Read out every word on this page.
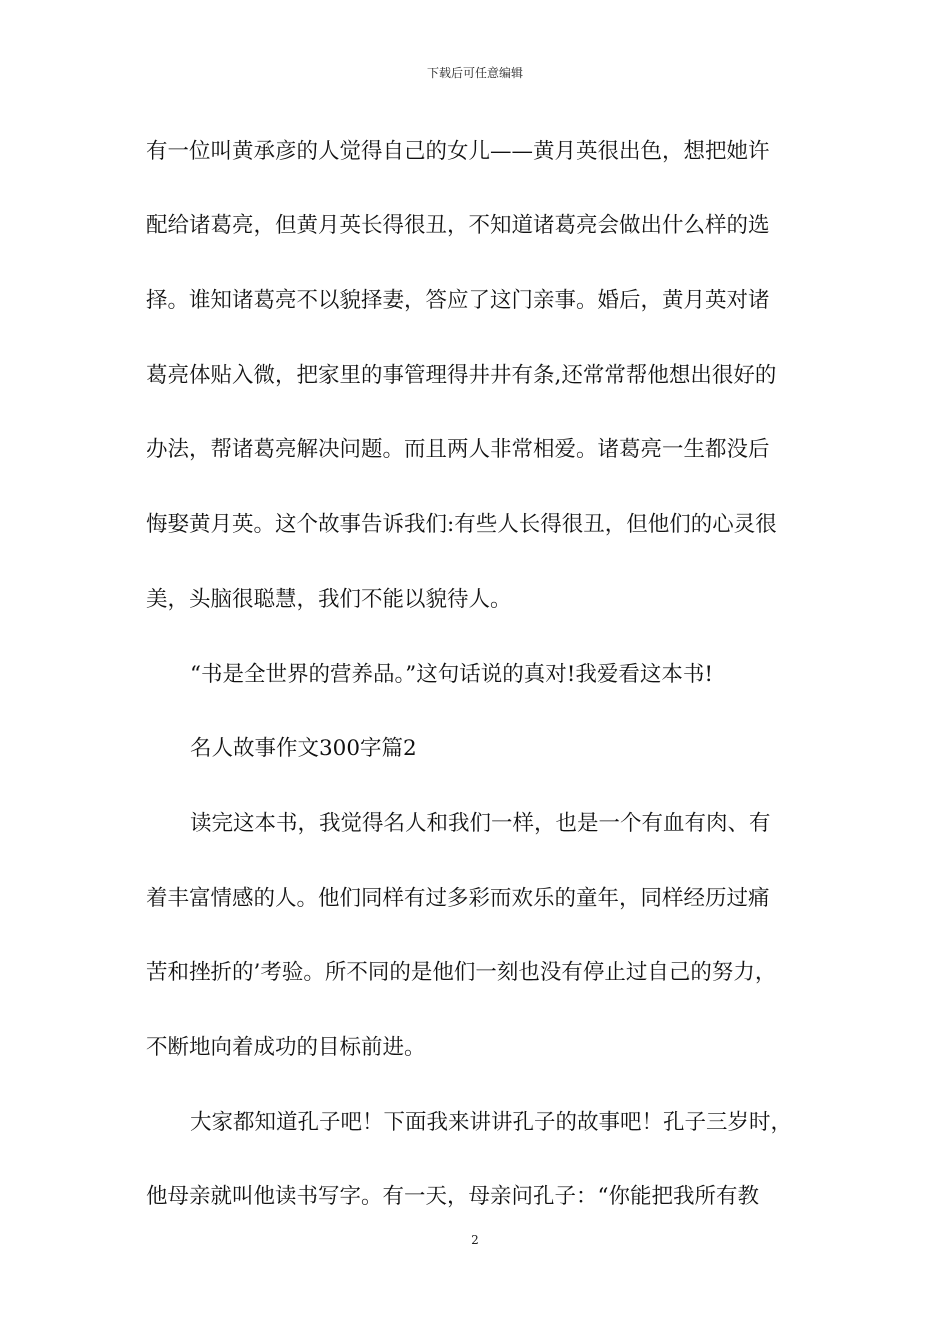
下载后可任意编辑
有一位叫黄承彦的人觉得自己的女儿——黄月英很出色，想把她许
配给诸葛亮，但黄月英长得很丑，不知道诸葛亮会做出什么样的选
择。谁知诸葛亮不以貌择妻，答应了这门亲事。婚后，黄月英对诸
葛亮体贴入微，把家里的事管理得井井有条,还常常帮他想出很好的
办法，帮诸葛亮解决问题。而且两人非常相爱。诸葛亮一生都没后
悔娶黄月英。这个故事告诉我们:有些人长得很丑，但他们的心灵很
美，头脑很聪慧，我们不能以貌待人。
“书是全世界的营养品。”这句话说的真对!我爱看这本书!
名人故事作文300字篇2
读完这本书，我觉得名人和我们一样，也是一个有血有肉、有
着丰富情感的人。他们同样有过多彩而欢乐的童年，同样经历过痛
苦和挫折的’考验。所不同的是他们一刻也没有停止过自己的努力，
不断地向着成功的目标前进。
大家都知道孔子吧！下面我来讲讲孔子的故事吧！孔子三岁时，
他母亲就叫他读书写字。有一天，母亲问孔子：“你能把我所有教
2
